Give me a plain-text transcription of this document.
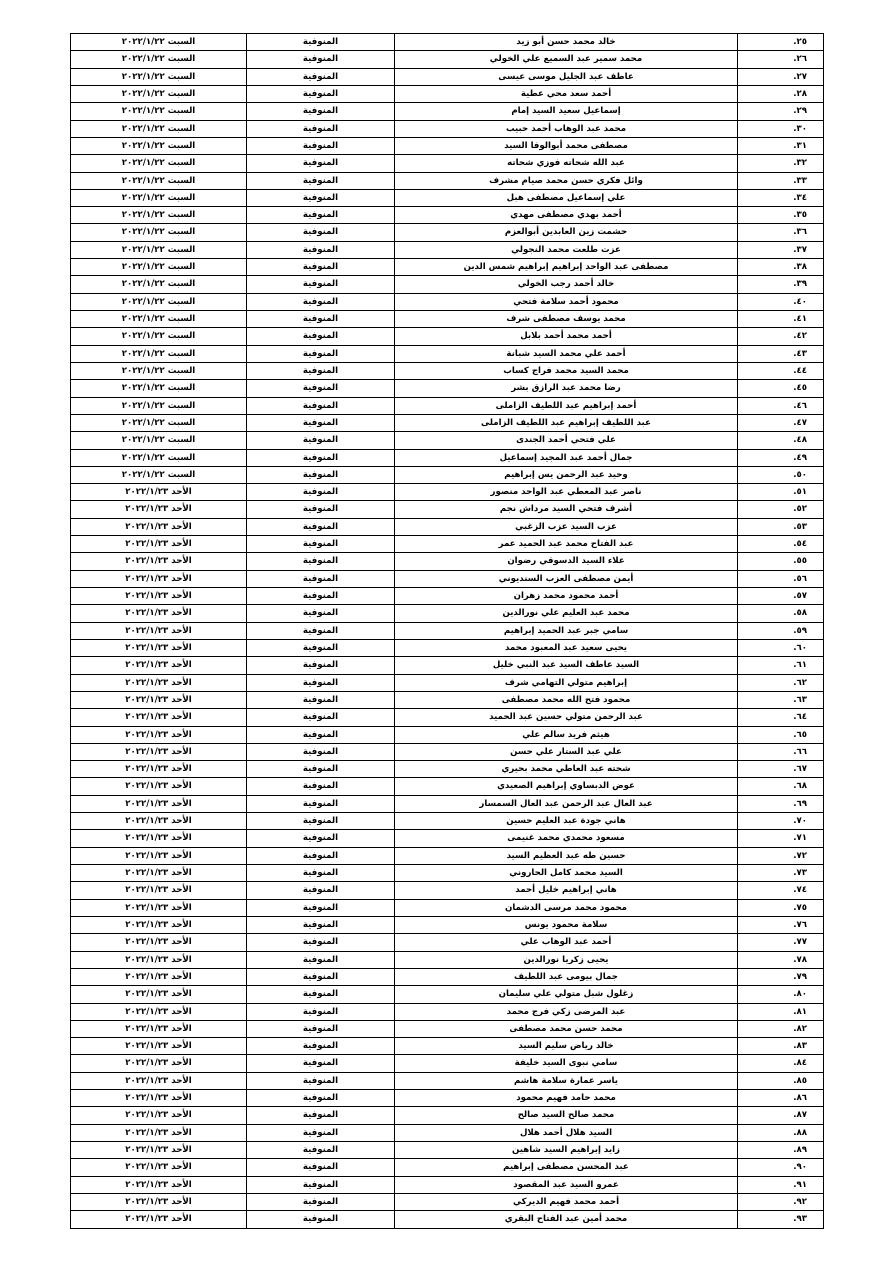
٢٥.	خالد محمد حسن أبو زيد	المنوفية	السبت ٢٠٢٢/١/٢٢
٢٦.	محمد سمير عبد السميع علي الخولي	المنوفية	السبت ٢٠٢٢/١/٢٢
٢٧.	عاطف عبد الجليل موسى عيسى	المنوفية	السبت ٢٠٢٢/١/٢٢
٢٨.	أحمد سعد محي عطية	المنوفية	السبت ٢٠٢٢/١/٢٢
٢٩.	إسماعيل سعيد السيد إمام	المنوفية	السبت ٢٠٢٢/١/٢٢
٣٠.	محمد عبد الوهاب أحمد حبيب	المنوفية	السبت ٢٠٢٢/١/٢٢
٣١.	مصطفى محمد أبوالوفا السيد	المنوفية	السبت ٢٠٢٢/١/٢٢
٣٢.	عبد الله شحاته فوزي شحاته	المنوفية	السبت ٢٠٢٢/١/٢٢
٣٣.	وائل فكري حسن محمد صيام مشرف	المنوفية	السبت ٢٠٢٢/١/٢٢
٣٤.	علي إسماعيل مصطفى هبل	المنوفية	السبت ٢٠٢٢/١/٢٢
٣٥.	أحمد بهدي مصطفى مهدي	المنوفية	السبت ٢٠٢٢/١/٢٢
٣٦.	حشمت زين العابدين أبوالعزم	المنوفية	السبت ٢٠٢٢/١/٢٢
٣٧.	عزت طلعت محمد النجولي	المنوفية	السبت ٢٠٢٢/١/٢٢
٣٨.	مصطفى عبد الواحد إبراهيم إبراهيم شمس الدين	المنوفية	السبت ٢٠٢٢/١/٢٢
٣٩.	خالد أحمد رجب الخولي	المنوفية	السبت ٢٠٢٢/١/٢٢
٤٠.	محمود أحمد سلامة فتحي	المنوفية	السبت ٢٠٢٢/١/٢٢
٤١.	محمد يوسف مصطفى شرف	المنوفية	السبت ٢٠٢٢/١/٢٢
٤٢.	أحمد محمد أحمد بلابل	المنوفية	السبت ٢٠٢٢/١/٢٢
٤٣.	أحمد علي محمد السيد شبانة	المنوفية	السبت ٢٠٢٢/١/٢٢
٤٤.	محمد السيد محمد فراج كساب	المنوفية	السبت ٢٠٢٢/١/٢٢
٤٥.	رضا محمد عبد الرازق بشر	المنوفية	السبت ٢٠٢٢/١/٢٢
٤٦.	أحمد إبراهيم عبد اللطيف الزاملى	المنوفية	السبت ٢٠٢٢/١/٢٢
٤٧.	عبد اللطيف إبراهيم عبد اللطيف الزاملى	المنوفية	السبت ٢٠٢٢/١/٢٢
٤٨.	علي فتحي أحمد الجندى	المنوفية	السبت ٢٠٢٢/١/٢٢
٤٩.	جمال أحمد عبد المجيد إسماعيل	المنوفية	السبت ٢٠٢٢/١/٢٢
٥٠.	وحيد عبد الرحمن يس إبراهيم	المنوفية	السبت ٢٠٢٢/١/٢٢
٥١.	ناصر عبد المعطي عبد الواحد منصور	المنوفية	الأحد ٢٠٢٢/١/٢٣
٥٢.	أشرف فتحي السيد مرداش نجم	المنوفية	الأحد ٢٠٢٢/١/٢٣
٥٣.	عزب السيد عزب الزغبي	المنوفية	الأحد ٢٠٢٢/١/٢٣
٥٤.	عبد الفتاح محمد عبد الحميد عمر	المنوفية	الأحد ٢٠٢٢/١/٢٣
٥٥.	علاء السيد الدسوقي رضوان	المنوفية	الأحد ٢٠٢٢/١/٢٣
٥٦.	أيمن مصطفى العزب السنديوني	المنوفية	الأحد ٢٠٢٢/١/٢٣
٥٧.	أحمد محمود محمد زهران	المنوفية	الأحد ٢٠٢٢/١/٢٣
٥٨.	محمد عبد العليم علي نورالدين	المنوفية	الأحد ٢٠٢٢/١/٢٣
٥٩.	سامي جبر عبد الحميد إبراهيم	المنوفية	الأحد ٢٠٢٢/١/٢٣
٦٠.	يحيى سعيد عبد المعبود محمد	المنوفية	الأحد ٢٠٢٢/١/٢٣
٦١.	السيد عاطف السيد عبد النبي خليل	المنوفية	الأحد ٢٠٢٢/١/٢٣
٦٢.	إبراهيم متولي التهامي شرف	المنوفية	الأحد ٢٠٢٢/١/٢٣
٦٣.	محمود فتح الله محمد مصطفى	المنوفية	الأحد ٢٠٢٢/١/٢٣
٦٤.	عبد الرحمن متولي حسين عبد الحميد	المنوفية	الأحد ٢٠٢٢/١/٢٣
٦٥.	هيثم فريد سالم علي	المنوفية	الأحد ٢٠٢٢/١/٢٣
٦٦.	علي عبد الستار علي حسن	المنوفية	الأحد ٢٠٢٢/١/٢٣
٦٧.	شحته عبد العاطي محمد بحيري	المنوفية	الأحد ٢٠٢٢/١/٢٣
٦٨.	عوض الدبساوي إبراهيم الصعيدي	المنوفية	الأحد ٢٠٢٢/١/٢٣
٦٩.	عبد العال عبد الرحمن عبد العال السمسار	المنوفية	الأحد ٢٠٢٢/١/٢٣
٧٠.	هاني جودة عبد العليم حسين	المنوفية	الأحد ٢٠٢٢/١/٢٣
٧١.	مسعود محمدي محمد غنيمى	المنوفية	الأحد ٢٠٢٢/١/٢٣
٧٢.	حسين طه عبد العظيم السيد	المنوفية	الأحد ٢٠٢٢/١/٢٣
٧٣.	السيد محمد كامل الحاروني	المنوفية	الأحد ٢٠٢٢/١/٢٣
٧٤.	هاني إبراهيم خليل أحمد	المنوفية	الأحد ٢٠٢٢/١/٢٣
٧٥.	محمود محمد مرسى الدشمان	المنوفية	الأحد ٢٠٢٢/١/٢٣
٧٦.	سلامة محمود يونس	المنوفية	الأحد ٢٠٢٢/١/٢٣
٧٧.	أحمد عبد الوهاب علي	المنوفية	الأحد ٢٠٢٢/١/٢٣
٧٨.	يحيى زكريا نورالدين	المنوفية	الأحد ٢٠٢٢/١/٢٣
٧٩.	جمال بيومى عبد اللطيف	المنوفية	الأحد ٢٠٢٢/١/٢٣
٨٠.	زغلول شبل متولي علي سليمان	المنوفية	الأحد ٢٠٢٢/١/٢٣
٨١.	عبد المرضى زكي فرج محمد	المنوفية	الأحد ٢٠٢٢/١/٢٣
٨٢.	محمد حسن محمد مصطفى	المنوفية	الأحد ٢٠٢٢/١/٢٣
٨٣.	خالد رياض سليم السيد	المنوفية	الأحد ٢٠٢٢/١/٢٣
٨٤.	سامي نبوى السيد خليفة	المنوفية	الأحد ٢٠٢٢/١/٢٣
٨٥.	ياسر عمارة سلامة هاشم	المنوفية	الأحد ٢٠٢٢/١/٢٣
٨٦.	محمد حامد فهيم محمود	المنوفية	الأحد ٢٠٢٢/١/٢٣
٨٧.	محمد صالح السيد صالح	المنوفية	الأحد ٢٠٢٢/١/٢٣
٨٨.	السيد هلال أحمد هلال	المنوفية	الأحد ٢٠٢٢/١/٢٣
٨٩.	زايد إبراهيم السيد شاهين	المنوفية	الأحد ٢٠٢٢/١/٢٣
٩٠.	عبد المحسن مصطفى إبراهيم	المنوفية	الأحد ٢٠٢٢/١/٢٣
٩١.	عمرو السيد عبد المقصود	المنوفية	الأحد ٢٠٢٢/١/٢٣
٩٢.	أحمد محمد فهيم الديركي	المنوفية	الأحد ٢٠٢٢/١/٢٣
٩٣.	محمد أمين عبد الفتاح البقري	المنوفية	الأحد ٢٠٢٢/١/٢٣
